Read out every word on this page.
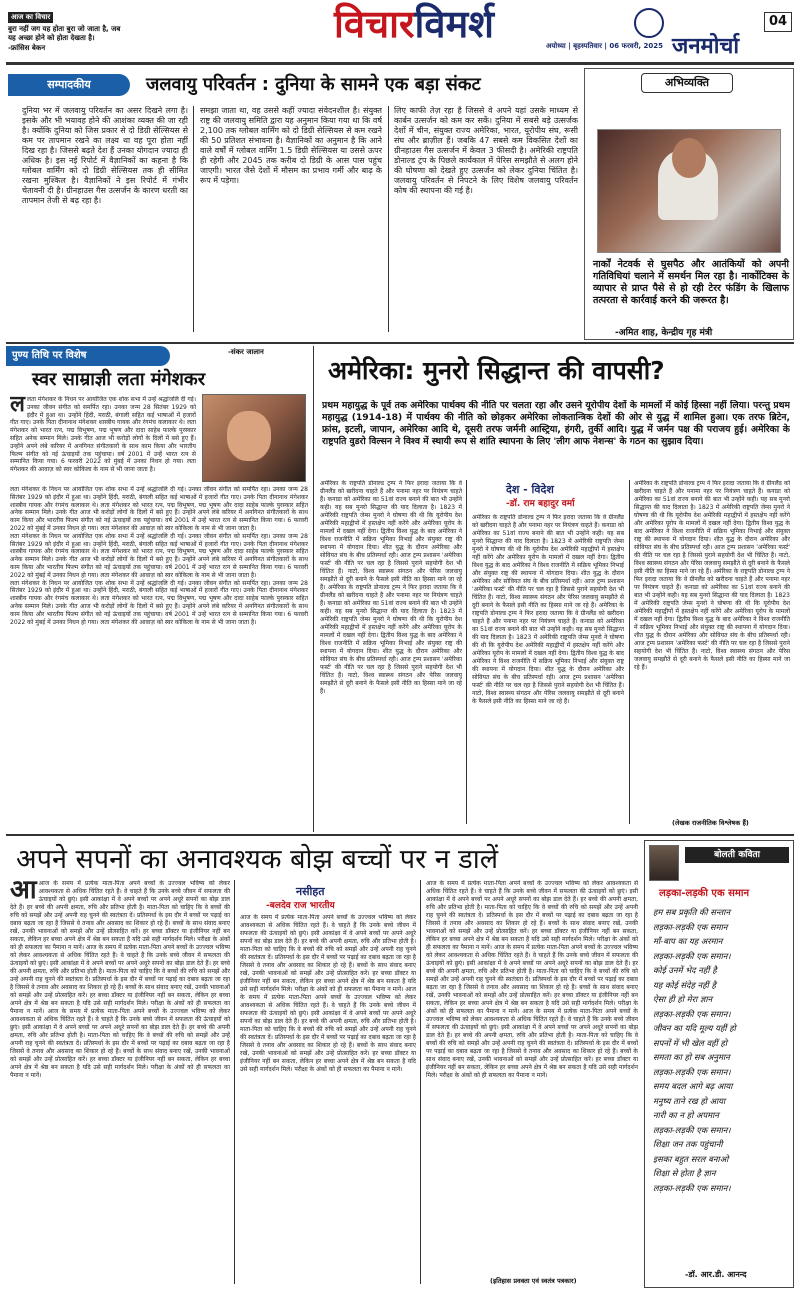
आज का विचार
बुरा नहीं जग यह होता बुरा जो जाता है, जब यह अच्छा होने को होता देखता है।
-फ्रांसिस बेकन
विचारविमर्श
जनमोर्चा
अयोध्या | बृहस्पतिवार | 06 फरवरी, 2025
04
सम्पादकीय	जलवायु परिवर्तन : दुनिया के सामने एक बड़ा संकट

दुनिया भर में जलवायु परिवर्तन का असर दिखने लगा है। इसके और भी भयावह होने की आशंका व्यक्त की जा रही है। क्योंकि दुनिया को जिस प्रकार से दो डिग्री सेल्सियस से कम पर तापमान रखने का लक्ष्य था वह पूरा होता नहीं दिख रहा है। जिससे बढ़ते देश हैं उनका योगदान ज्यादा ही अधिक है। इस नई रिपोर्ट में वैज्ञानिकों का कहना है कि ग्लोबल वार्मिंग को दो डिग्री सेल्सियस तक ही सीमित रखना मुश्किल है। वैज्ञानिकों ने इस रिपोर्ट में गंभीर चेतावनी दी है। ग्रीनहाउस गैस उत्सर्जन के कारण धरती का तापमान तेजी से बढ़ रहा है।

समझा जाता था, वह उससे कहीं ज्यादा संवेदनशील है। संयुक्त राष्ट्र की जलवायु समिति द्वारा यह अनुमान किया गया था कि वर्ष 2,100 तक ग्लोबल वार्मिंग को दो डिग्री सेल्सियस से कम रखने की 50 प्रतिशत संभावना है। वैज्ञानिकों का अनुमान है कि आने वाले वर्षों में ग्लोबल वार्मिंग 1.5 डिग्री सेल्सियस या उससे ऊपर ही रहेगी और 2045 तक करीब दो डिग्री के आस पास पहुंच जाएगी। भारत जैसे देशों में मौसम का प्रभाव गर्मी और बाढ़ के रूप में पड़ेगा।

लिए काफी तेज़ रहा है जिससे वे अपने यहां उसके माध्यम से कार्बन उत्सर्जन को कम कर सकें। दुनिया में सबसे बड़े उत्सर्जक देशों में चीन, संयुक्त राज्य अमेरिका, भारत, यूरोपीय संघ, रूसी संघ और ब्राज़ील हैं। जबकि 47 सबसे कम विकसित देशों का ग्रीनहाउस गैस उत्सर्जन में केवल 3 फीसदी है। अमेरिकी राष्ट्रपति डोनाल्ड ट्रंप के पिछले कार्यकाल में पेरिस समझौते से अलग होने की घोषणा को देखते हुए उत्सर्जन को लेकर दुनिया चिंतित है। जलवायु परिवर्तन से निपटने के लिए विशेष जलवायु परिवर्तन कोष की स्थापना की गई है।

अभिव्यक्ति
नार्कों नेटवर्क से घुसपैठ और आतंकियों को अपनी गतिविधियां चलाने में समर्थन मिल रहा है। नार्कोटिक्स के व्यापार से प्राप्त पैसे से हो रही टेरर फंडिंग के खिलाफ तत्परता से कार्रवाई करने की जरूरत है।
-अमित शाह, केन्द्रीय गृह मंत्री
पुण्य तिथि पर विशेष	-संकर जालान
स्वर साम्राज्ञी लता मंगेशकर
ललता मंगेशकर के निधन पर आयोजित एक शोक सभा में उन्हें श्रद्धांजलि दी गई। उनका जीवन संगीत को समर्पित रहा। उनका जन्म 28 सितंबर 1929 को इंदौर में हुआ था। उन्होंने हिंदी, मराठी, बंगाली सहित कई भाषाओं में हजारों गीत गाए। उनके पिता दीनानाथ मंगेशकर शास्त्रीय गायक और रंगमंच कलाकार थे। लता मंगेशकर को भारत रत्न, पद्म विभूषण, पद्म भूषण और दादा साहेब फाल्के पुरस्कार सहित अनेक सम्मान मिले। उनके गीत आज भी करोड़ों लोगों के दिलों में बसे हुए हैं। उन्होंने अपने लंबे करियर में अनगिनत संगीतकारों के साथ काम किया और भारतीय फिल्म संगीत को नई ऊंचाइयों तक पहुंचाया। वर्ष 2001 में उन्हें भारत रत्न से सम्मानित किया गया। 6 फरवरी 2022 को मुंबई में उनका निधन हो गया। लता मंगेशकर की आवाज़ को स्वर कोकिला के नाम से भी जाना जाता है।
लता मंगेशकर के निधन पर आयोजित एक शोक सभा में उन्हें श्रद्धांजलि दी गई। उनका जीवन संगीत को समर्पित रहा। उनका जन्म 28 सितंबर 1929 को इंदौर में हुआ था। उन्होंने हिंदी, मराठी, बंगाली सहित कई भाषाओं में हजारों गीत गाए। उनके पिता दीनानाथ मंगेशकर शास्त्रीय गायक और रंगमंच कलाकार थे। लता मंगेशकर को भारत रत्न, पद्म विभूषण, पद्म भूषण और दादा साहेब फाल्के पुरस्कार सहित अनेक सम्मान मिले। उनके गीत आज भी करोड़ों लोगों के दिलों में बसे हुए हैं। उन्होंने अपने लंबे करियर में अनगिनत संगीतकारों के साथ काम किया और भारतीय फिल्म संगीत को नई ऊंचाइयों तक पहुंचाया। वर्ष 2001 में उन्हें भारत रत्न से सम्मानित किया गया। 6 फरवरी 2022 को मुंबई में उनका निधन हो गया। लता मंगेशकर की आवाज़ को स्वर कोकिला के नाम से भी जाना जाता है।
लता मंगेशकर के निधन पर आयोजित एक शोक सभा में उन्हें श्रद्धांजलि दी गई। उनका जीवन संगीत को समर्पित रहा। उनका जन्म 28 सितंबर 1929 को इंदौर में हुआ था। उन्होंने हिंदी, मराठी, बंगाली सहित कई भाषाओं में हजारों गीत गाए। उनके पिता दीनानाथ मंगेशकर शास्त्रीय गायक और रंगमंच कलाकार थे। लता मंगेशकर को भारत रत्न, पद्म विभूषण, पद्म भूषण और दादा साहेब फाल्के पुरस्कार सहित अनेक सम्मान मिले। उनके गीत आज भी करोड़ों लोगों के दिलों में बसे हुए हैं। उन्होंने अपने लंबे करियर में अनगिनत संगीतकारों के साथ काम किया और भारतीय फिल्म संगीत को नई ऊंचाइयों तक पहुंचाया। वर्ष 2001 में उन्हें भारत रत्न से सम्मानित किया गया। 6 फरवरी 2022 को मुंबई में उनका निधन हो गया। लता मंगेशकर की आवाज़ को स्वर कोकिला के नाम से भी जाना जाता है।
लता मंगेशकर के निधन पर आयोजित एक शोक सभा में उन्हें श्रद्धांजलि दी गई। उनका जीवन संगीत को समर्पित रहा। उनका जन्म 28 सितंबर 1929 को इंदौर में हुआ था। उन्होंने हिंदी, मराठी, बंगाली सहित कई भाषाओं में हजारों गीत गाए। उनके पिता दीनानाथ मंगेशकर शास्त्रीय गायक और रंगमंच कलाकार थे। लता मंगेशकर को भारत रत्न, पद्म विभूषण, पद्म भूषण और दादा साहेब फाल्के पुरस्कार सहित अनेक सम्मान मिले। उनके गीत आज भी करोड़ों लोगों के दिलों में बसे हुए हैं। उन्होंने अपने लंबे करियर में अनगिनत संगीतकारों के साथ काम किया और भारतीय फिल्म संगीत को नई ऊंचाइयों तक पहुंचाया। वर्ष 2001 में उन्हें भारत रत्न से सम्मानित किया गया। 6 फरवरी 2022 को मुंबई में उनका निधन हो गया। लता मंगेशकर की आवाज़ को स्वर कोकिला के नाम से भी जाना जाता है।
अमेरिका: मुनरो सिद्धान्त की वापसी?
प्रथम महायुद्ध के पूर्व तक अमेरिका पार्थक्य की नीति पर चलता रहा और उसने यूरोपीय देशों के मामलों में कोई हिस्सा नहीं लिया। परन्तु प्रथम महायुद्ध (1914-18) में पार्थक्य की नीति को छोड़कर अमेरिका लोकतान्त्रिक देशों की ओर से युद्ध में शामिल हुआ। एक तरफ ब्रिटेन, फ्रांस, इटली, जापान, अमेरिका आदि थे, दूसरी तरफ जर्मनी आस्ट्रिया, हंगरी, तुर्की आदि। युद्ध में जर्मन पक्ष की पराजय हुई। अमेरिका के राष्ट्रपति वुडरो विल्सन ने विश्व में स्थायी रूप से शांति स्थापना के लिए 'लीग आफ नेशन्स' के गठन का सुझाव दिया।
अमेरिका के राष्ट्रपति डोनाल्ड ट्रम्प ने फिर इरादा जताया कि वे ग्रीनलैंड को खरीदना चाहते हैं और पनामा नहर पर नियंत्रण चाहते हैं। कनाडा को अमेरिका का 51वां राज्य बनाने की बात भी उन्होंने कही। यह सब मुनरो सिद्धान्त की याद दिलाता है। 1823 में अमेरिकी राष्ट्रपति जेम्स मुनरो ने घोषणा की थी कि यूरोपीय देश अमेरिकी महाद्वीपों में हस्तक्षेप नहीं करेंगे और अमेरिका यूरोप के मामलों में दखल नहीं देगा। द्वितीय विश्व युद्ध के बाद अमेरिका ने विश्व राजनीति में सक्रिय भूमिका निभाई और संयुक्त राष्ट्र की स्थापना में योगदान दिया। शीत युद्ध के दौरान अमेरिका और सोवियत संघ के बीच प्रतिस्पर्धा रही। आज ट्रम्प प्रशासन 'अमेरिका फर्स्ट' की नीति पर चल रहा है जिससे पुराने सहयोगी देश भी चिंतित हैं। नाटो, विश्व स्वास्थ्य संगठन और पेरिस जलवायु समझौते से दूरी बनाने के फैसले इसी नीति का हिस्सा माने जा रहे हैं। अमेरिका के राष्ट्रपति डोनाल्ड ट्रम्प ने फिर इरादा जताया कि वे ग्रीनलैंड को खरीदना चाहते हैं और पनामा नहर पर नियंत्रण चाहते हैं। कनाडा को अमेरिका का 51वां राज्य बनाने की बात भी उन्होंने कही। यह सब मुनरो सिद्धान्त की याद दिलाता है। 1823 में अमेरिकी राष्ट्रपति जेम्स मुनरो ने घोषणा की थी कि यूरोपीय देश अमेरिकी महाद्वीपों में हस्तक्षेप नहीं करेंगे और अमेरिका यूरोप के मामलों में दखल नहीं देगा। द्वितीय विश्व युद्ध के बाद अमेरिका ने विश्व राजनीति में सक्रिय भूमिका निभाई और संयुक्त राष्ट्र की स्थापना में योगदान दिया। शीत युद्ध के दौरान अमेरिका और सोवियत संघ के बीच प्रतिस्पर्धा रही। आज ट्रम्प प्रशासन 'अमेरिका फर्स्ट' की नीति पर चल रहा है जिससे पुराने सहयोगी देश भी चिंतित हैं। नाटो, विश्व स्वास्थ्य संगठन और पेरिस जलवायु समझौते से दूरी बनाने के फैसले इसी नीति का हिस्सा माने जा रहे हैं।
देश - विदेश
-डॉ. राम बहादुर वर्मा
अमेरिका के राष्ट्रपति डोनाल्ड ट्रम्प ने फिर इरादा जताया कि वे ग्रीनलैंड को खरीदना चाहते हैं और पनामा नहर पर नियंत्रण चाहते हैं। कनाडा को अमेरिका का 51वां राज्य बनाने की बात भी उन्होंने कही। यह सब मुनरो सिद्धान्त की याद दिलाता है। 1823 में अमेरिकी राष्ट्रपति जेम्स मुनरो ने घोषणा की थी कि यूरोपीय देश अमेरिकी महाद्वीपों में हस्तक्षेप नहीं करेंगे और अमेरिका यूरोप के मामलों में दखल नहीं देगा। द्वितीय विश्व युद्ध के बाद अमेरिका ने विश्व राजनीति में सक्रिय भूमिका निभाई और संयुक्त राष्ट्र की स्थापना में योगदान दिया। शीत युद्ध के दौरान अमेरिका और सोवियत संघ के बीच प्रतिस्पर्धा रही। आज ट्रम्प प्रशासन 'अमेरिका फर्स्ट' की नीति पर चल रहा है जिससे पुराने सहयोगी देश भी चिंतित हैं। नाटो, विश्व स्वास्थ्य संगठन और पेरिस जलवायु समझौते से दूरी बनाने के फैसले इसी नीति का हिस्सा माने जा रहे हैं। अमेरिका के राष्ट्रपति डोनाल्ड ट्रम्प ने फिर इरादा जताया कि वे ग्रीनलैंड को खरीदना चाहते हैं और पनामा नहर पर नियंत्रण चाहते हैं। कनाडा को अमेरिका का 51वां राज्य बनाने की बात भी उन्होंने कही। यह सब मुनरो सिद्धान्त की याद दिलाता है। 1823 में अमेरिकी राष्ट्रपति जेम्स मुनरो ने घोषणा की थी कि यूरोपीय देश अमेरिकी महाद्वीपों में हस्तक्षेप नहीं करेंगे और अमेरिका यूरोप के मामलों में दखल नहीं देगा। द्वितीय विश्व युद्ध के बाद अमेरिका ने विश्व राजनीति में सक्रिय भूमिका निभाई और संयुक्त राष्ट्र की स्थापना में योगदान दिया। शीत युद्ध के दौरान अमेरिका और सोवियत संघ के बीच प्रतिस्पर्धा रही। आज ट्रम्प प्रशासन 'अमेरिका फर्स्ट' की नीति पर चल रहा है जिससे पुराने सहयोगी देश भी चिंतित हैं। नाटो, विश्व स्वास्थ्य संगठन और पेरिस जलवायु समझौते से दूरी बनाने के फैसले इसी नीति का हिस्सा माने जा रहे हैं।
अमेरिका के राष्ट्रपति डोनाल्ड ट्रम्प ने फिर इरादा जताया कि वे ग्रीनलैंड को खरीदना चाहते हैं और पनामा नहर पर नियंत्रण चाहते हैं। कनाडा को अमेरिका का 51वां राज्य बनाने की बात भी उन्होंने कही। यह सब मुनरो सिद्धान्त की याद दिलाता है। 1823 में अमेरिकी राष्ट्रपति जेम्स मुनरो ने घोषणा की थी कि यूरोपीय देश अमेरिकी महाद्वीपों में हस्तक्षेप नहीं करेंगे और अमेरिका यूरोप के मामलों में दखल नहीं देगा। द्वितीय विश्व युद्ध के बाद अमेरिका ने विश्व राजनीति में सक्रिय भूमिका निभाई और संयुक्त राष्ट्र की स्थापना में योगदान दिया। शीत युद्ध के दौरान अमेरिका और सोवियत संघ के बीच प्रतिस्पर्धा रही। आज ट्रम्प प्रशासन 'अमेरिका फर्स्ट' की नीति पर चल रहा है जिससे पुराने सहयोगी देश भी चिंतित हैं। नाटो, विश्व स्वास्थ्य संगठन और पेरिस जलवायु समझौते से दूरी बनाने के फैसले इसी नीति का हिस्सा माने जा रहे हैं। अमेरिका के राष्ट्रपति डोनाल्ड ट्रम्प ने फिर इरादा जताया कि वे ग्रीनलैंड को खरीदना चाहते हैं और पनामा नहर पर नियंत्रण चाहते हैं। कनाडा को अमेरिका का 51वां राज्य बनाने की बात भी उन्होंने कही। यह सब मुनरो सिद्धान्त की याद दिलाता है। 1823 में अमेरिकी राष्ट्रपति जेम्स मुनरो ने घोषणा की थी कि यूरोपीय देश अमेरिकी महाद्वीपों में हस्तक्षेप नहीं करेंगे और अमेरिका यूरोप के मामलों में दखल नहीं देगा। द्वितीय विश्व युद्ध के बाद अमेरिका ने विश्व राजनीति में सक्रिय भूमिका निभाई और संयुक्त राष्ट्र की स्थापना में योगदान दिया। शीत युद्ध के दौरान अमेरिका और सोवियत संघ के बीच प्रतिस्पर्धा रही। आज ट्रम्प प्रशासन 'अमेरिका फर्स्ट' की नीति पर चल रहा है जिससे पुराने सहयोगी देश भी चिंतित हैं। नाटो, विश्व स्वास्थ्य संगठन और पेरिस जलवायु समझौते से दूरी बनाने के फैसले इसी नीति का हिस्सा माने जा रहे हैं।
(लेखक राजनीतिक विश्लेषक हैं)
अपने सपनों का अनावश्यक बोझ बच्चों पर न डालें
नसीहत
-बलदेव राज भारतीय
आआज के समय में प्रत्येक माता-पिता अपने बच्चों के उज्ज्वल भविष्य को लेकर आवश्यकता से अधिक चिंतित रहते हैं। वे चाहते हैं कि उनके बच्चे जीवन में सफलता की ऊंचाइयों को छुएं। इसी आकांक्षा में वे अपने बच्चों पर अपने अधूरे सपनों का बोझ डाल देते हैं। हर बच्चे की अपनी क्षमता, रुचि और प्रतिभा होती है। माता-पिता को चाहिए कि वे बच्चों की रुचि को समझें और उन्हें अपनी राह चुनने की स्वतंत्रता दें। प्रतिस्पर्धा के इस दौर में बच्चों पर पढ़ाई का दबाव बढ़ता जा रहा है जिससे वे तनाव और अवसाद का शिकार हो रहे हैं। बच्चों के साथ संवाद बनाए रखें, उनकी भावनाओं को समझें और उन्हें प्रोत्साहित करें। हर बच्चा डॉक्टर या इंजीनियर नहीं बन सकता, लेकिन हर बच्चा अपने क्षेत्र में श्रेष्ठ बन सकता है यदि उसे सही मार्गदर्शन मिले। परीक्षा के अंकों को ही सफलता का पैमाना न मानें। आज के समय में प्रत्येक माता-पिता अपने बच्चों के उज्ज्वल भविष्य को लेकर आवश्यकता से अधिक चिंतित रहते हैं। वे चाहते हैं कि उनके बच्चे जीवन में सफलता की ऊंचाइयों को छुएं। इसी आकांक्षा में वे अपने बच्चों पर अपने अधूरे सपनों का बोझ डाल देते हैं। हर बच्चे की अपनी क्षमता, रुचि और प्रतिभा होती है। माता-पिता को चाहिए कि वे बच्चों की रुचि को समझें और उन्हें अपनी राह चुनने की स्वतंत्रता दें। प्रतिस्पर्धा के इस दौर में बच्चों पर पढ़ाई का दबाव बढ़ता जा रहा है जिससे वे तनाव और अवसाद का शिकार हो रहे हैं। बच्चों के साथ संवाद बनाए रखें, उनकी भावनाओं को समझें और उन्हें प्रोत्साहित करें। हर बच्चा डॉक्टर या इंजीनियर नहीं बन सकता, लेकिन हर बच्चा अपने क्षेत्र में श्रेष्ठ बन सकता है यदि उसे सही मार्गदर्शन मिले। परीक्षा के अंकों को ही सफलता का पैमाना न मानें। आज के समय में प्रत्येक माता-पिता अपने बच्चों के उज्ज्वल भविष्य को लेकर आवश्यकता से अधिक चिंतित रहते हैं। वे चाहते हैं कि उनके बच्चे जीवन में सफलता की ऊंचाइयों को छुएं। इसी आकांक्षा में वे अपने बच्चों पर अपने अधूरे सपनों का बोझ डाल देते हैं। हर बच्चे की अपनी क्षमता, रुचि और प्रतिभा होती है। माता-पिता को चाहिए कि वे बच्चों की रुचि को समझें और उन्हें अपनी राह चुनने की स्वतंत्रता दें। प्रतिस्पर्धा के इस दौर में बच्चों पर पढ़ाई का दबाव बढ़ता जा रहा है जिससे वे तनाव और अवसाद का शिकार हो रहे हैं। बच्चों के साथ संवाद बनाए रखें, उनकी भावनाओं को समझें और उन्हें प्रोत्साहित करें। हर बच्चा डॉक्टर या इंजीनियर नहीं बन सकता, लेकिन हर बच्चा अपने क्षेत्र में श्रेष्ठ बन सकता है यदि उसे सही मार्गदर्शन मिले। परीक्षा के अंकों को ही सफलता का पैमाना न मानें।
आज के समय में प्रत्येक माता-पिता अपने बच्चों के उज्ज्वल भविष्य को लेकर आवश्यकता से अधिक चिंतित रहते हैं। वे चाहते हैं कि उनके बच्चे जीवन में सफलता की ऊंचाइयों को छुएं। इसी आकांक्षा में वे अपने बच्चों पर अपने अधूरे सपनों का बोझ डाल देते हैं। हर बच्चे की अपनी क्षमता, रुचि और प्रतिभा होती है। माता-पिता को चाहिए कि वे बच्चों की रुचि को समझें और उन्हें अपनी राह चुनने की स्वतंत्रता दें। प्रतिस्पर्धा के इस दौर में बच्चों पर पढ़ाई का दबाव बढ़ता जा रहा है जिससे वे तनाव और अवसाद का शिकार हो रहे हैं। बच्चों के साथ संवाद बनाए रखें, उनकी भावनाओं को समझें और उन्हें प्रोत्साहित करें। हर बच्चा डॉक्टर या इंजीनियर नहीं बन सकता, लेकिन हर बच्चा अपने क्षेत्र में श्रेष्ठ बन सकता है यदि उसे सही मार्गदर्शन मिले। परीक्षा के अंकों को ही सफलता का पैमाना न मानें। आज के समय में प्रत्येक माता-पिता अपने बच्चों के उज्ज्वल भविष्य को लेकर आवश्यकता से अधिक चिंतित रहते हैं। वे चाहते हैं कि उनके बच्चे जीवन में सफलता की ऊंचाइयों को छुएं। इसी आकांक्षा में वे अपने बच्चों पर अपने अधूरे सपनों का बोझ डाल देते हैं। हर बच्चे की अपनी क्षमता, रुचि और प्रतिभा होती है। माता-पिता को चाहिए कि वे बच्चों की रुचि को समझें और उन्हें अपनी राह चुनने की स्वतंत्रता दें। प्रतिस्पर्धा के इस दौर में बच्चों पर पढ़ाई का दबाव बढ़ता जा रहा है जिससे वे तनाव और अवसाद का शिकार हो रहे हैं। बच्चों के साथ संवाद बनाए रखें, उनकी भावनाओं को समझें और उन्हें प्रोत्साहित करें। हर बच्चा डॉक्टर या इंजीनियर नहीं बन सकता, लेकिन हर बच्चा अपने क्षेत्र में श्रेष्ठ बन सकता है यदि उसे सही मार्गदर्शन मिले। परीक्षा के अंकों को ही सफलता का पैमाना न मानें।
आज के समय में प्रत्येक माता-पिता अपने बच्चों के उज्ज्वल भविष्य को लेकर आवश्यकता से अधिक चिंतित रहते हैं। वे चाहते हैं कि उनके बच्चे जीवन में सफलता की ऊंचाइयों को छुएं। इसी आकांक्षा में वे अपने बच्चों पर अपने अधूरे सपनों का बोझ डाल देते हैं। हर बच्चे की अपनी क्षमता, रुचि और प्रतिभा होती है। माता-पिता को चाहिए कि वे बच्चों की रुचि को समझें और उन्हें अपनी राह चुनने की स्वतंत्रता दें। प्रतिस्पर्धा के इस दौर में बच्चों पर पढ़ाई का दबाव बढ़ता जा रहा है जिससे वे तनाव और अवसाद का शिकार हो रहे हैं। बच्चों के साथ संवाद बनाए रखें, उनकी भावनाओं को समझें और उन्हें प्रोत्साहित करें। हर बच्चा डॉक्टर या इंजीनियर नहीं बन सकता, लेकिन हर बच्चा अपने क्षेत्र में श्रेष्ठ बन सकता है यदि उसे सही मार्गदर्शन मिले। परीक्षा के अंकों को ही सफलता का पैमाना न मानें। आज के समय में प्रत्येक माता-पिता अपने बच्चों के उज्ज्वल भविष्य को लेकर आवश्यकता से अधिक चिंतित रहते हैं। वे चाहते हैं कि उनके बच्चे जीवन में सफलता की ऊंचाइयों को छुएं। इसी आकांक्षा में वे अपने बच्चों पर अपने अधूरे सपनों का बोझ डाल देते हैं। हर बच्चे की अपनी क्षमता, रुचि और प्रतिभा होती है। माता-पिता को चाहिए कि वे बच्चों की रुचि को समझें और उन्हें अपनी राह चुनने की स्वतंत्रता दें। प्रतिस्पर्धा के इस दौर में बच्चों पर पढ़ाई का दबाव बढ़ता जा रहा है जिससे वे तनाव और अवसाद का शिकार हो रहे हैं। बच्चों के साथ संवाद बनाए रखें, उनकी भावनाओं को समझें और उन्हें प्रोत्साहित करें। हर बच्चा डॉक्टर या इंजीनियर नहीं बन सकता, लेकिन हर बच्चा अपने क्षेत्र में श्रेष्ठ बन सकता है यदि उसे सही मार्गदर्शन मिले। परीक्षा के अंकों को ही सफलता का पैमाना न मानें। आज के समय में प्रत्येक माता-पिता अपने बच्चों के उज्ज्वल भविष्य को लेकर आवश्यकता से अधिक चिंतित रहते हैं। वे चाहते हैं कि उनके बच्चे जीवन में सफलता की ऊंचाइयों को छुएं। इसी आकांक्षा में वे अपने बच्चों पर अपने अधूरे सपनों का बोझ डाल देते हैं। हर बच्चे की अपनी क्षमता, रुचि और प्रतिभा होती है। माता-पिता को चाहिए कि वे बच्चों की रुचि को समझें और उन्हें अपनी राह चुनने की स्वतंत्रता दें। प्रतिस्पर्धा के इस दौर में बच्चों पर पढ़ाई का दबाव बढ़ता जा रहा है जिससे वे तनाव और अवसाद का शिकार हो रहे हैं। बच्चों के साथ संवाद बनाए रखें, उनकी भावनाओं को समझें और उन्हें प्रोत्साहित करें। हर बच्चा डॉक्टर या इंजीनियर नहीं बन सकता, लेकिन हर बच्चा अपने क्षेत्र में श्रेष्ठ बन सकता है यदि उसे सही मार्गदर्शन मिले। परीक्षा के अंकों को ही सफलता का पैमाना न मानें।
(इतिहास प्रवक्ता एवं स्वतंत्र पत्रकार)
बोलती कविता
लड़का-लड़की एक समान
हम सब प्रकृति की सन्तान
लड़का-लड़की एक समान
माँ-बाप का यह अरमान
लड़का-लड़की एक समान।
कोई उनमें भेद नहीं है
यह कोई संदेह नहीं है
ऐसा ही हो मेरा ज्ञान
लड़का-लड़की एक समान।
जीवन का यदि मूल्य यहीं हो
सपनों में भी खेल वहीं हो
समता का हो सब अनुमान
लड़का-लड़की एक समान।
समय बदल आगे बढ़ आया
मनुष्य ताने रख हो आया
नारी का न हो अपमान
लड़का-लड़की एक समान।
शिक्षा जन तक पहुंचानी
इसका बहुत सरल बनाओ
शिक्षा से होता है ज्ञान
लड़का-लड़की एक समान।
-डॉ. आर.डी. आनन्द
